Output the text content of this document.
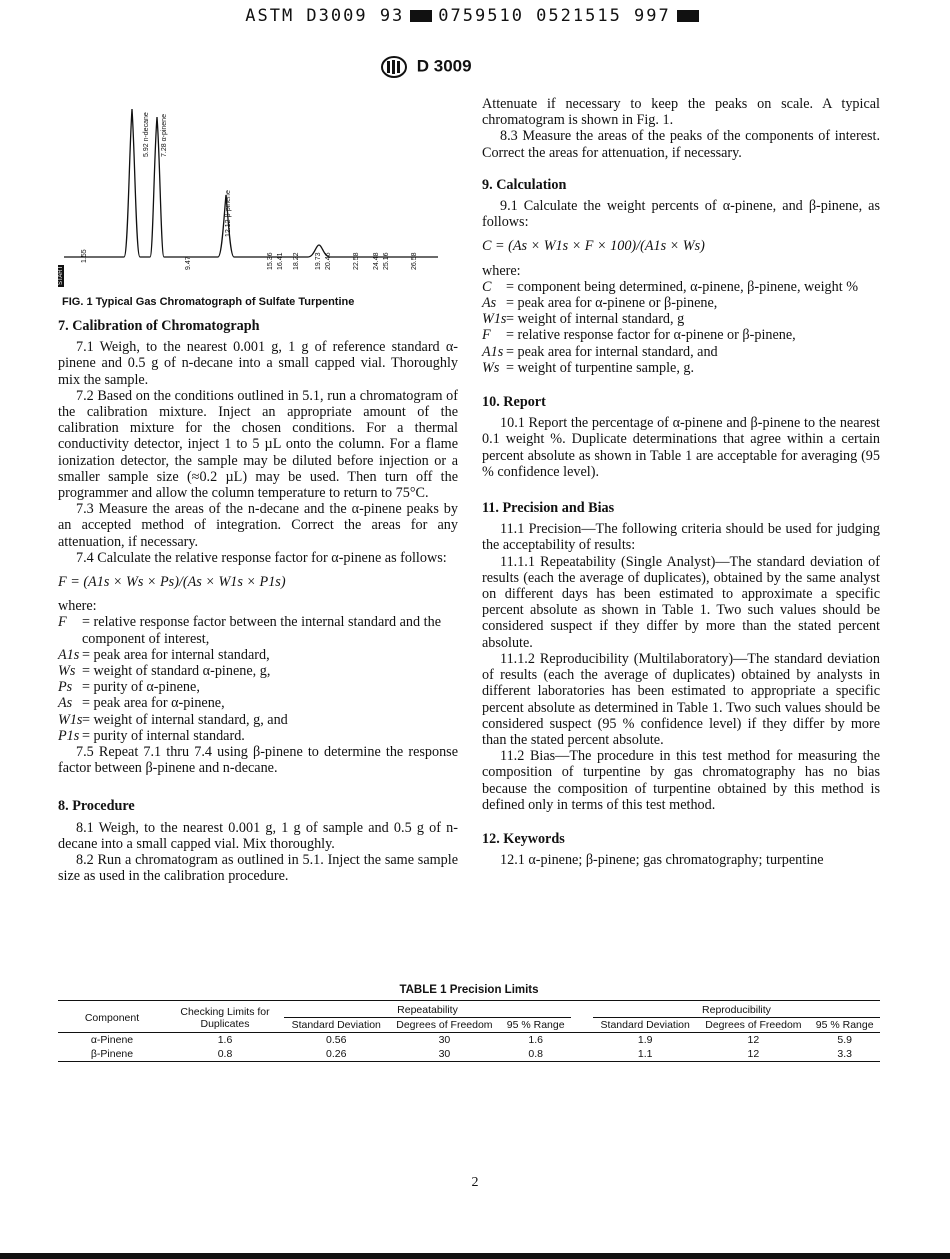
ASTM D3009 93 0759510 0521515 997
D 3009
START
1.55
5.92 n-decane 7.28 α-pinene
9.47
12.12 β-pinene
15.36 16.41 18.22 19.73 20.46	22.58 24.48 25.16	26.58
FIG. 1 Typical Gas Chromatograph of Sulfate Turpentine
7. Calibration of Chromatograph

7.1 Weigh, to the nearest 0.001 g, 1 g of reference standard α-pinene and 0.5 g of n-decane into a small capped vial. Thoroughly mix the sample.

7.2 Based on the conditions outlined in 5.1, run a chromatogram of the calibration mixture. Inject an appropriate amount of the calibration mixture for the chosen conditions. For a thermal conductivity detector, inject 1 to 5 µL onto the column. For a flame ionization detector, the sample may be diluted before injection or a smaller sample size (≈0.2 µL) may be used. Then turn off the programmer and allow the column temperature to return to 75°C.

7.3 Measure the areas of the n-decane and the α-pinene peaks by an accepted method of integration. Correct the areas for any attenuation, if necessary.

7.4 Calculate the relative response factor for α-pinene as follows:

F = (A1s × Ws × Ps)/(As × W1s × P1s)

where:

F	= relative response factor between the internal standard and the component of interest,
A1s = peak area for internal standard,
Ws = weight of standard α-pinene, g,
Ps = purity of α-pinene,
As = peak area for α-pinene,
W1s = weight of internal standard, g, and
P1s = purity of internal standard.

7.5 Repeat 7.1 thru 7.4 using β-pinene to determine the response factor between β-pinene and n-decane.

8. Procedure

8.1 Weigh, to the nearest 0.001 g, 1 g of sample and 0.5 g of n-decane into a small capped vial. Mix thoroughly.

8.2 Run a chromatogram as outlined in 5.1. Inject the same sample size as used in the calibration procedure.

Attenuate if necessary to keep the peaks on scale. A typical chromatogram is shown in Fig. 1.

8.3 Measure the areas of the peaks of the components of interest. Correct the areas for attenuation, if necessary.

9. Calculation

9.1 Calculate the weight percents of α-pinene, and β-pinene, as follows:

C = (As × W1s × F × 100)/(A1s × Ws)

where:

C	= component being determined, α-pinene, β-pinene, weight %
As = peak area for α-pinene or β-pinene,
W1s = weight of internal standard, g
F	= relative response factor for α-pinene or β-pinene,
A1s = peak area for internal standard, and
Ws = weight of turpentine sample, g.
10. Report

10.1 Report the percentage of α-pinene and β-pinene to the nearest 0.1 weight %. Duplicate determinations that agree within a certain percent absolute as shown in Table 1 are acceptable for averaging (95 % confidence level).

11. Precision and Bias

11.1 Precision—The following criteria should be used for judging the acceptability of results:

11.1.1 Repeatability (Single Analyst)—The standard deviation of results (each the average of duplicates), obtained by the same analyst on different days has been estimated to approximate a specific percent absolute as shown in Table 1. Two such values should be considered suspect if they differ by more than the stated percent absolute.

11.1.2 Reproducibility (Multilaboratory)—The standard deviation of results (each the average of duplicates) obtained by analysts in different laboratories has been estimated to appropriate a specific percent absolute as determined in Table 1. Two such values should be considered suspect (95 % confidence level) if they differ by more than the stated percent absolute.

11.2 Bias—The procedure in this test method for measuring the composition of turpentine by gas chromatography has no bias because the composition of turpentine obtained by this method is defined only in terms of this test method.

12. Keywords

12.1 α-pinene; β-pinene; gas chromatography; turpentine

TABLE 1 Precision Limits
Component	Checking Limits for Duplicates	Repeatability				Reproducibility		
		Standard Deviation	Degrees of Freedom	95 % Range		Standard Deviation	Degrees of Freedom	95 % Range

α-Pinene	1.6	0.56	30	1.6		1.9	12	5.9
β-Pinene	0.8	0.26	30	0.8		1.1	12	3.3

2
